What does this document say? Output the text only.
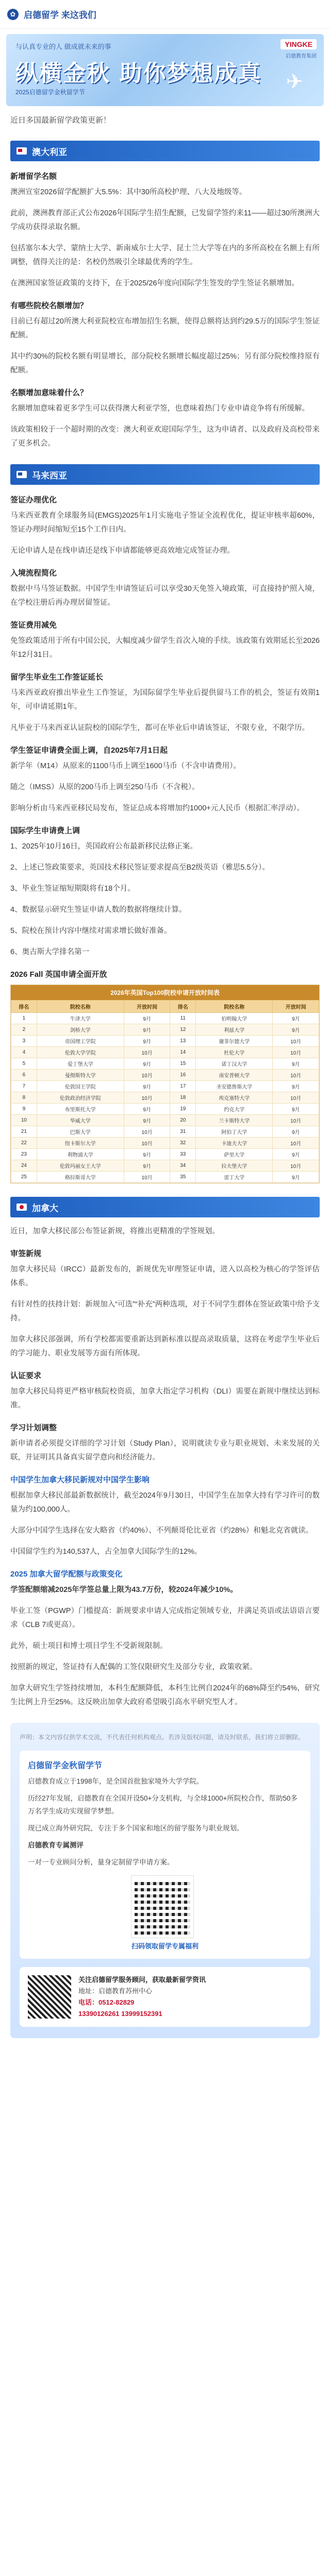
✿ 启德留学 来这我们
与认真专业的人 做成就未来的事
纵横金秋 助你梦想成真
2025启德留学金秋留学节
YINGKE
启德教育集团
✈
近日多国最新留学政策更新！
澳大利亚
新增留学名额

澳洲宣室2026留学配额扩大5.5%：其中30所高校护理、八大及地级等。

此前，澳洲教育部正式公布2026年国际学生招生配额，已发留学签约来11——超过30所澳洲大学成功获得录取名额。

包括塞尔本大学、蒙纳士大学、新南威尔士大学、昆士兰大学等在内的多所高校在名额上有所调整，值得关注的是：名校仍然吸引全球最优秀的学生。

在澳洲国家签证政策的支持下，在于2025/26年度向国际学生签发的学生签证名额增加。

有哪些院校名额增加？

目前已有超过20所澳大利亚院校宣布增加招生名额，使得总额将达到约29.5万的国际学生签证配额。

其中约30%的院校名额有明显增长，部分院校名额增长幅度超过25%；另有部分院校维持原有配额。

名额增加意味着什么？

名额增加意味着更多学生可以获得澳大利亚学签，也意味着热门专业申请竞争将有所缓解。

该政策相较于一个超时期的改变：澳大利亚欢迎国际学生，这为申请者、以及政府及高校带来了更多机会。

马来西亚
签证办理优化

马来西亚教育全球服务局(EMGS)2025年1月实施电子签证全流程优化，提证审核率超60%，签证办理时间缩短至15个工作日内。

无论申请人是在线申请还是线下申请都能够更高效地完成签证办理。

入境流程简化

数据中马马签证数据。中国学生申请签证后可以享受30天免签入境政策，可直接持护照入境，在学校注册后再办理居留签证。

签证费用减免

免签政策适用于所有中国公民，大幅度减少留学生首次入境的手续。该政策有效期延长至2026年12月31日。

留学生毕业生工作签证延长

马来西亚政府推出毕业生工作签证，为国际留学生毕业后提供留马工作的机会，签证有效期1年，可申请延期1年。

凡毕业于马来西亚认证院校的国际学生，都可在毕业后申请该签证，不限专业，不限学历。

学生签证申请费全面上调，自2025年7月1日起

新学年（M14）从原来的1100马币上调至1600马币（不含申请费用）。

随之（IMSS）从原的200马币上调至250马币（不含税）。

影响分析由马来西亚移民局发布，签证总成本将增加约1000+元人民币（根据汇率浮动）。

国际学生申请费上调

1、2025年10月16日，英国政府公布最新移民法修正案。

2、上述已签政策要求，英国技术移民签证要求提高至B2级英语（雅思5.5分）。

3、毕业生签证缩短期限将有18个月。

4、数据显示研究生签证申请人数的数据将继续计算。

5、院校在预计内容中继续对需求增长做好准备。

6、奥古斯大学排名第一

2026 Fall 英国申请全面开放
2026年英国Top100院校申请开放时间表
排名	院校名称	开放时间	排名	院校名称	开放时间
1	牛津大学	9月	11	伯明翰大学	9月
2	剑桥大学	9月	12	利兹大学	9月
3	帝国理工学院	9月	13	谢菲尔德大学	10月
4	伦敦大学学院	10月	14	杜伦大学	10月
5	爱丁堡大学	9月	15	诺丁汉大学	9月
6	曼彻斯特大学	10月	16	南安普顿大学	10月
7	伦敦国王学院	9月	17	圣安德鲁斯大学	9月
8	伦敦政治经济学院	10月	18	埃克塞特大学	10月
9	布里斯托大学	9月	19	约克大学	9月
10	华威大学	9月	20	兰卡斯特大学	10月
21	巴斯大学	10月	31	阿伯丁大学	9月
22	纽卡斯尔大学	10月	32	卡迪夫大学	10月
23	利物浦大学	9月	33	萨里大学	9月
24	伦敦玛丽女王大学	9月	34	拉夫堡大学	10月
25	格拉斯哥大学	10月	35	雷丁大学	9月
加拿大

近日，加拿大移民部公布签证新规，将推出更精准的学签规划。

审签新规

加拿大移民局（IRCC）最新发布的，新规优先审理签证申请，进入以高校为核心的学签评估体系。

有针对性的扶持计划：新规加入“可选”“补充”两种选项，对于不同学生群体在签证政策中给予支持。

加拿大移民部强调，所有学校都需要重新达到新标准以提高录取质量，这将在考虑学生毕业后的学习能力、职业发展等方面有所体现。

认证要求

加拿大移民局将更严格审核院校资质，加拿大指定学习机构（DLI）需要在新规中继续达到标准。

学习计划调整

新申请者必须提交详细的学习计划（Study Plan），说明就读专业与职业规划、未来发展的关联，并证明其具备真实留学意向和经济能力。

中国学生加拿大移民新规对中国学生影响

根据加拿大移民部最新数据统计，截至2024年9月30日，中国学生在加拿大持有学习许可的数量为约100,000人。

大部分中国学生选择在安大略省（约40%）、不列颠哥伦比亚省（约28%）和魁北克省就读。

中国留学生约为140,537人，占全加拿大国际学生的12%。

2025 加拿大留学配额与政策变化

学签配额缩减2025年学签总量上限为43.7万份，较2024年减少10%。

毕业工签（PGWP）门槛提高：新规要求申请人完成指定领域专业，并满足英语或法语语言要求（CLB 7或更高）。

此外，硕士项目和博士项目学生不受新规限制。

按照新的规定，签证持有人配偶的工签仅限研究生及部分专业，政策收紧。

加拿大研究生学签持续增加，本科生配额降低，本科生比例自2024年的68%降至约54%，研究生比例上升至25%。这反映出加拿大政府希望吸引高水平研究型人才。

声明：本文内容仅供学术交流，不代表任何机构观点。若涉及版权问题，请及时联系，我们将立即删除。
启德留学金秋留学节

启德教育成立于1998年，是全国首批独家境外大学学院。

历经27年发展，启德教育在全国开设50+分支机构，与全球1000+所院校合作，帮助50多万名学生成功实现留学梦想。

现已成立海外研究院，专注于多个国家和地区的留学服务与职业规划。

启德教育专属测评

一对一专业顾问分析，量身定制留学申请方案。

扫码领取留学专属福利
关注启德留学服务顾问，获取最新留学资讯
地址：启德教育苏州中心
电话：0512-82829
13390126261 13999152391
